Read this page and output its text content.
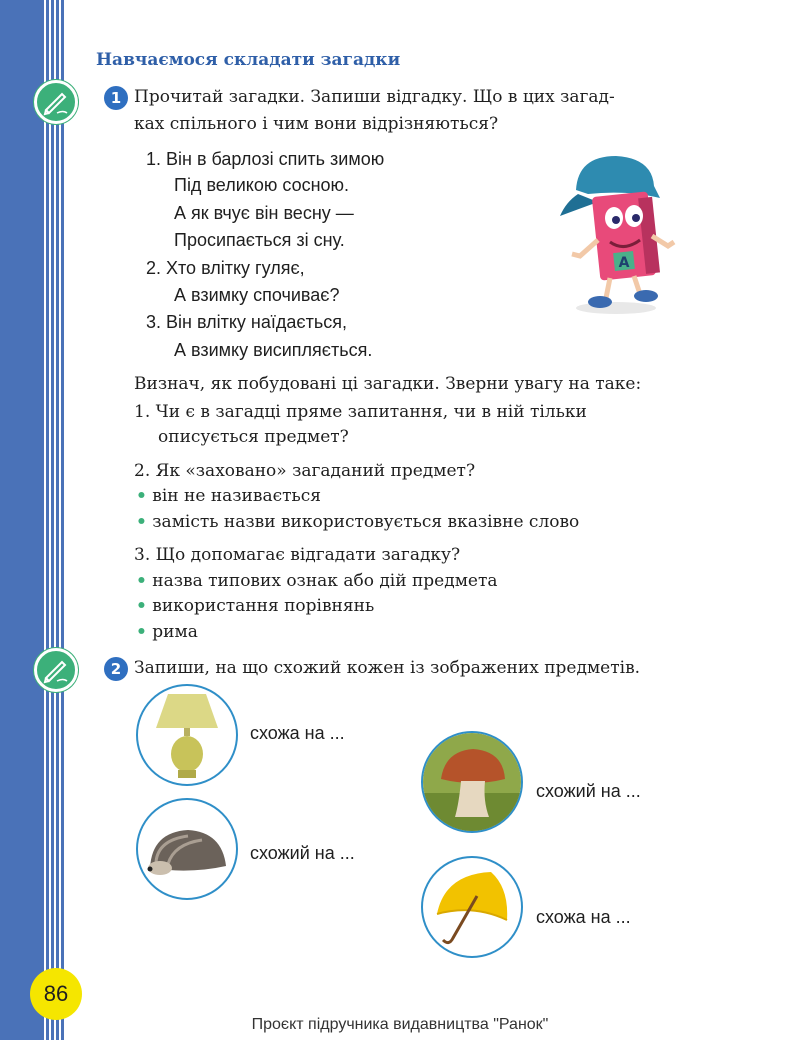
Навчаємося складати загадки
1 Прочитай загадки. Запиши відгадку. Що в цих загад-
ках спільного і чим вони відрізняються?
1. Він в барлозі спить зимою
Під великою сосною.
А як вчує він весну —
Просипається зі сну.
2. Хто влітку гуляє,
А взимку спочиває?
3. Він влітку наїдається,
А взимку висипляється.
А
Визнач, як побудовані ці загадки. Зверни увагу на таке:
1. Чи є в загадці пряме запитання, чи в ній тільки
описується предмет?
2. Як «заховано» загаданий предмет?
• він не називається
• замість назви використовується вказівне слово
3. Що допомагає відгадати загадку?
• назва типових ознак або дій предмета
• використання порівнянь
• рима
2 Запиши, на що схожий кожен із зображених предметів.
схожа на ...
схожий на ...
схожий на ...
схожа на ...
86
Проєкт підручника видавництва "Ранок"
